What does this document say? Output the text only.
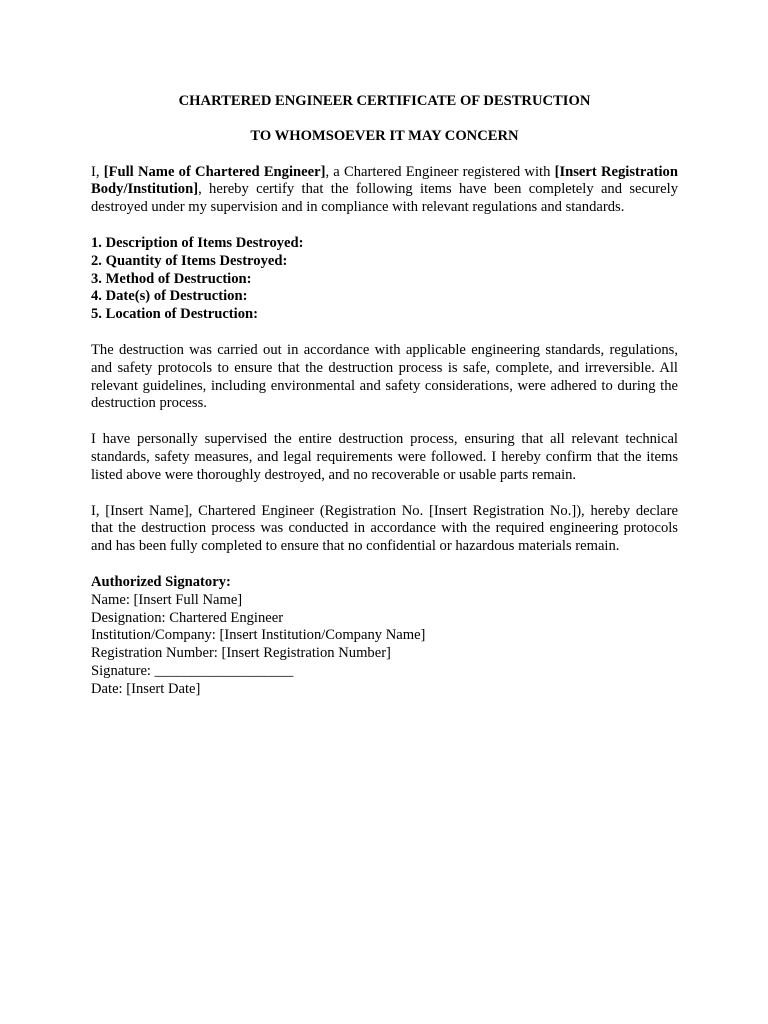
CHARTERED ENGINEER CERTIFICATE OF DESTRUCTION

TO WHOMSOEVER IT MAY CONCERN

I, [Full Name of Chartered Engineer], a Chartered Engineer registered with [Insert Registration Body/Institution], hereby certify that the following items have been completely and securely destroyed under my supervision and in compliance with relevant regulations and standards.

1. Description of Items Destroyed:
2. Quantity of Items Destroyed:
3. Method of Destruction:
4. Date(s) of Destruction:
5. Location of Destruction:

The destruction was carried out in accordance with applicable engineering standards, regulations, and safety protocols to ensure that the destruction process is safe, complete, and irreversible. All relevant guidelines, including environmental and safety considerations, were adhered to during the destruction process.

I have personally supervised the entire destruction process, ensuring that all relevant technical standards, safety measures, and legal requirements were followed. I hereby confirm that the items listed above were thoroughly destroyed, and no recoverable or usable parts remain.

I, [Insert Name], Chartered Engineer (Registration No. [Insert Registration No.]), hereby declare that the destruction process was conducted in accordance with the required engineering protocols and has been fully completed to ensure that no confidential or hazardous materials remain.

Authorized Signatory:
Name: [Insert Full Name]
Designation: Chartered Engineer
Institution/Company: [Insert Institution/Company Name]
Registration Number: [Insert Registration Number]
Signature: ___________________
Date: [Insert Date]
